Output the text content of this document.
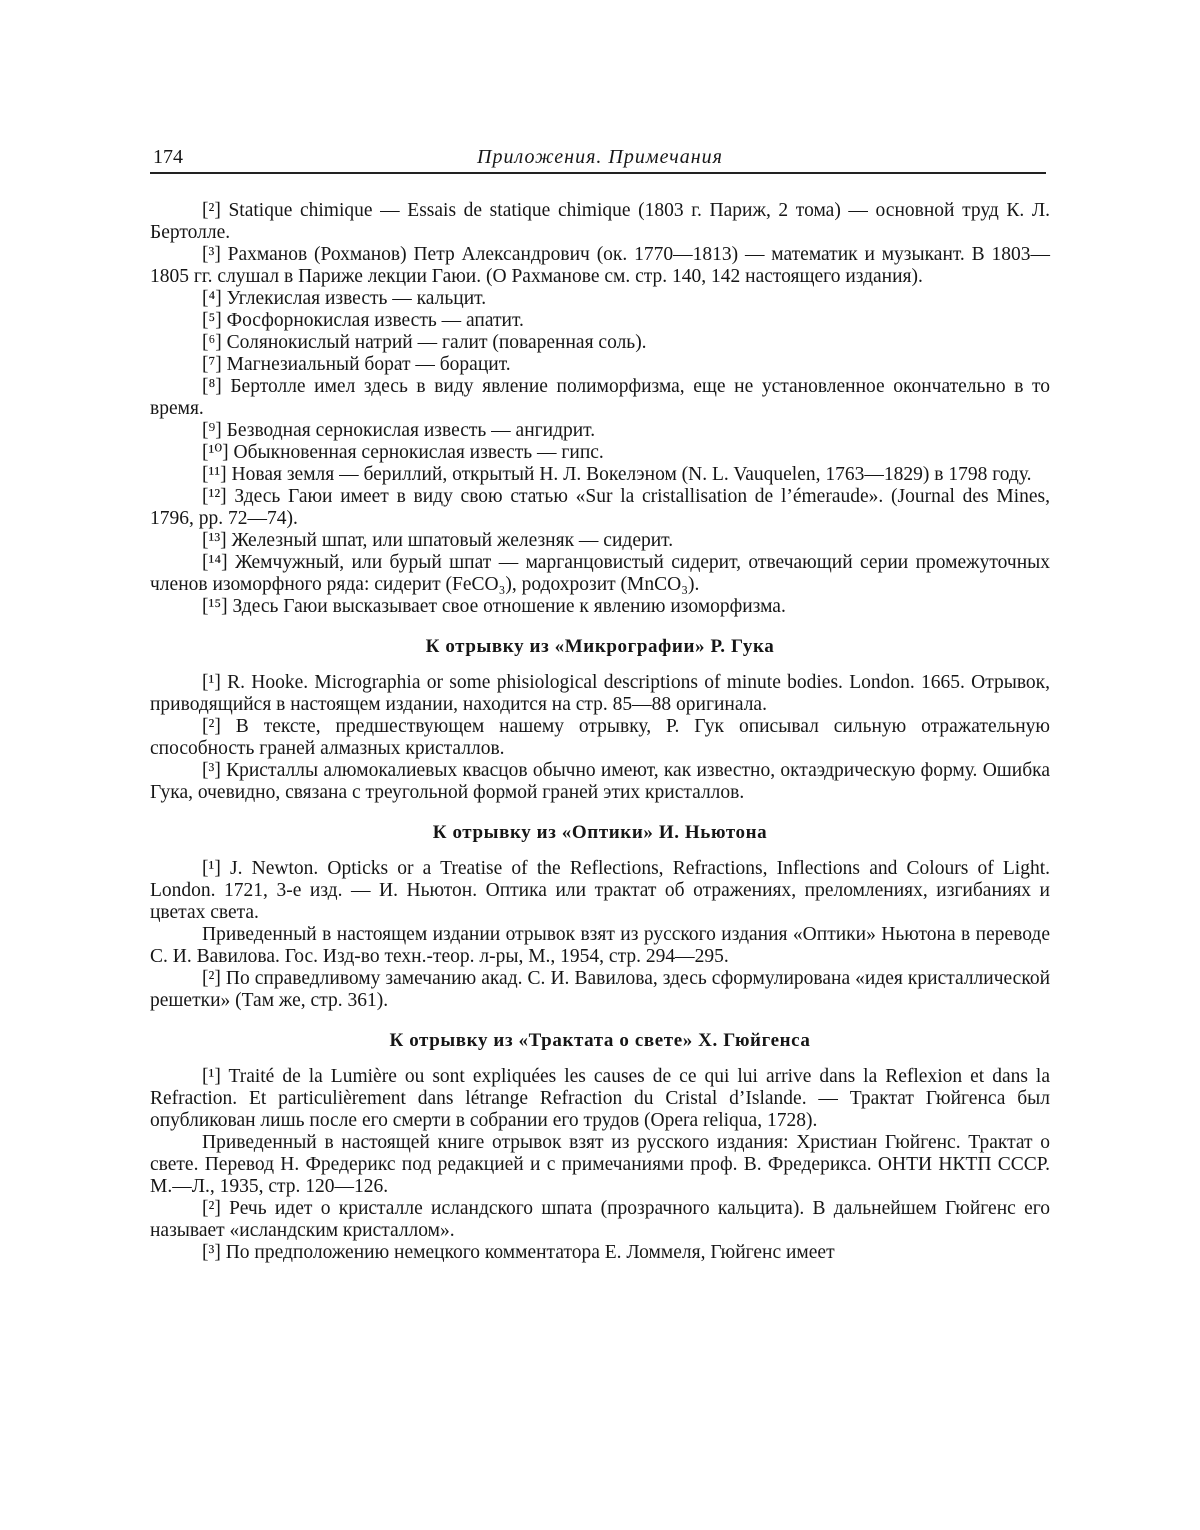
174	Приложения. Примечания

[²] Statique chimique — Essais de statique chimique (1803 г. Париж, 2 тома) — основной труд К. Л. Бертолле.

[³] Рахманов (Рохманов) Петр Александрович (ок. 1770—1813) — математик и музыкант. В 1803—1805 гг. слушал в Париже лекции Гаюи. (О Рахманове см. стр. 140, 142 настоящего издания).

[⁴] Углекислая известь — кальцит.

[⁵] Фосфорнокислая известь — апатит.

[⁶] Солянокислый натрий — галит (поваренная соль).

[⁷] Магнезиальный борат — борацит.

[⁸] Бертолле имел здесь в виду явление полиморфизма, еще не установленное окончательно в то время.

[⁹] Безводная сернокислая известь — ангидрит.

[¹⁰] Обыкновенная сернокислая известь — гипс.

[¹¹] Новая земля — бериллий, открытый Н. Л. Вокелэном (N. L. Vauquelen, 1763—1829) в 1798 году.

[¹²] Здесь Гаюи имеет в виду свою статью «Sur la cristallisation de l’émeraude». (Journal des Mines, 1796, pp. 72—74).

[¹³] Железный шпат, или шпатовый железняк — сидерит.

[¹⁴] Жемчужный, или бурый шпат — марганцовистый сидерит, отвечающий серии промежуточных членов изоморфного ряда: сидерит (FeCO₃), родохрозит (MnCO₃).

[¹⁵] Здесь Гаюи высказывает свое отношение к явлению изоморфизма.

К отрывку из «Микрографии» Р. Гука

[¹] R. Hooke. Micrographia or some phisiological descriptions of minute bodies. London. 1665. Отрывок, приводящийся в настоящем издании, находится на стр. 85—88 оригинала.

[²] В тексте, предшествующем нашему отрывку, Р. Гук описывал сильную отражательную способность граней алмазных кристаллов.

[³] Кристаллы алюмокалиевых квасцов обычно имеют, как известно, октаэдрическую форму. Ошибка Гука, очевидно, связана с треугольной формой граней этих кристаллов.

К отрывку из «Оптики» И. Ньютона

[¹] J. Newton. Opticks or a Treatise of the Reflections, Refractions, Inflections and Colours of Light. London. 1721, 3-е изд. — И. Ньютон. Оптика или трактат об отражениях, преломлениях, изгибаниях и цветах света.

Приведенный в настоящем издании отрывок взят из русского издания «Оптики» Ньютона в переводе С. И. Вавилова. Гос. Изд-во техн.-теор. л-ры, М., 1954, стр. 294—295.

[²] По справедливому замечанию акад. С. И. Вавилова, здесь сформулирована «идея кристаллической решетки» (Там же, стр. 361).

К отрывку из «Трактата о свете» Х. Гюйгенса

[¹] Traité de la Lumière ou sont expliquées les causes de ce qui lui arrive dans la Reflexion et dans la Refraction. Et particulièrement dans létrange Refraction du Cristal d’Islande. — Трактат Гюйгенса был опубликован лишь после его смерти в собрании его трудов (Opera reliqua, 1728).

Приведенный в настоящей книге отрывок взят из русского издания: Христиан Гюйгенс. Трактат о свете. Перевод Н. Фредерикс под редакцией и с примечаниями проф. В. Фредерикса. ОНТИ НКТП СССР. М.—Л., 1935, стр. 120—126.

[²] Речь идет о кристалле исландского шпата (прозрачного кальцита). В дальнейшем Гюйгенс его называет «исландским кристаллом».

[³] По предположению немецкого комментатора Е. Ломмеля, Гюйгенс имеет
